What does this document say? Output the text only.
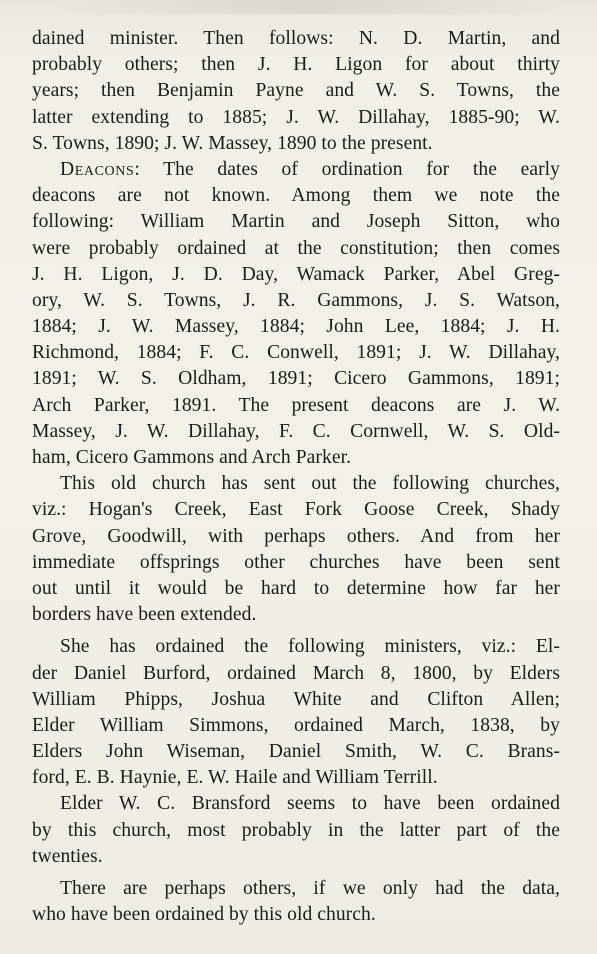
dained minister. Then follows: N. D. Martin, and
probably others; then J. H. Ligon for about thirty
years; then Benjamin Payne and W. S. Towns, the
latter extending to 1885; J. W. Dillahay, 1885-90; W.
S. Towns, 1890; J. W. Massey, 1890 to the present.
Deacons: The dates of ordination for the early
deacons are not known. Among them we note the
following: William Martin and Joseph Sitton, who
were probably ordained at the constitution; then comes
J. H. Ligon, J. D. Day, Wamack Parker, Abel Greg-
ory, W. S. Towns, J. R. Gammons, J. S. Watson,
1884; J. W. Massey, 1884; John Lee, 1884; J. H.
Richmond, 1884; F. C. Conwell, 1891; J. W. Dillahay,
1891; W. S. Oldham, 1891; Cicero Gammons, 1891;
Arch Parker, 1891. The present deacons are J. W.
Massey, J. W. Dillahay, F. C. Cornwell, W. S. Old-
ham, Cicero Gammons and Arch Parker.
This old church has sent out the following churches,
viz.: Hogan's Creek, East Fork Goose Creek, Shady
Grove, Goodwill, with perhaps others. And from her
immediate offsprings other churches have been sent
out until it would be hard to determine how far her
borders have been extended.
She has ordained the following ministers, viz.: El-
der Daniel Burford, ordained March 8, 1800, by Elders
William Phipps, Joshua White and Clifton Allen;
Elder William Simmons, ordained March, 1838, by
Elders John Wiseman, Daniel Smith, W. C. Brans-
ford, E. B. Haynie, E. W. Haile and William Terrill.
Elder W. C. Bransford seems to have been ordained
by this church, most probably in the latter part of the
twenties.
There are perhaps others, if we only had the data,
who have been ordained by this old church.
